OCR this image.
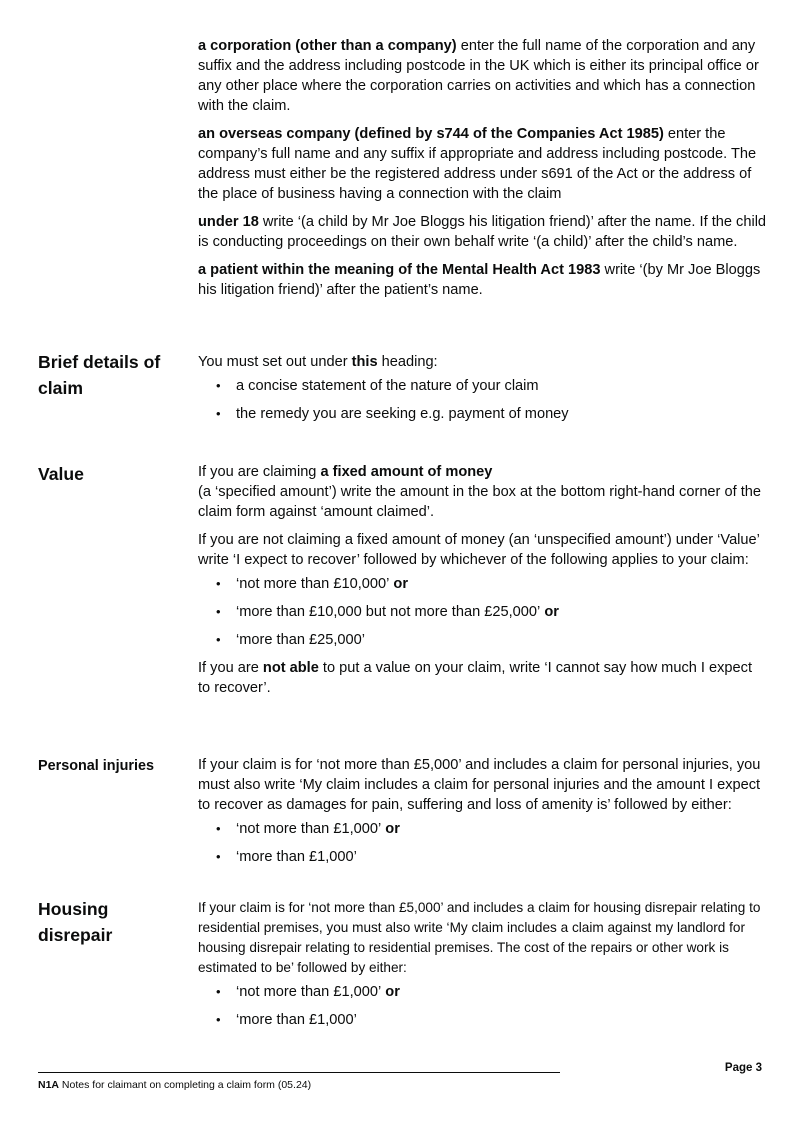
a corporation (other than a company) enter the full name of the corporation and any suffix and the address including postcode in the UK which is either its principal office or any other place where the corporation carries on activities and which has a connection with the claim.

an overseas company (defined by s744 of the Companies Act 1985) enter the company’s full name and any suffix if appropriate and address including postcode. The address must either be the registered address under s691 of the Act or the address of the place of business having a connection with the claim

under 18 write ‘(a child by Mr Joe Bloggs his litigation friend)’ after the name. If the child is conducting proceedings on their own behalf write ‘(a child)’ after the child’s name.

a patient within the meaning of the Mental Health Act 1983 write ‘(by Mr Joe Bloggs his litigation friend)’ after the patient’s name.

Brief details of claim

You must set out under this heading:

• a concise statement of the nature of your claim
• the remedy you are seeking e.g. payment of money
Value	If you are claiming a fixed amount of money
(a ‘specified amount’) write the amount in the box at the bottom right-hand corner of the claim form against ‘amount claimed’.

If you are not claiming a fixed amount of money (an ‘unspecified amount’) under ‘Value’ write ‘I expect to recover’ followed by whichever of the following applies to your claim:

• ‘not more than £10,000’ or
• ‘more than £10,000 but not more than £25,000’ or
• ‘more than £25,000’

If you are not able to put a value on your claim, write ‘I cannot say how much I expect to recover’.

Personal injuries	If your claim is for ‘not more than £5,000’ and includes a claim for personal injuries, you must also write ‘My claim includes a claim for personal injuries and the amount I expect to recover as damages for pain, suffering and loss of amenity is’ followed by either:

• ‘not more than £1,000’ or
• ‘more than £1,000’
Housing disrepair

If your claim is for ‘not more than £5,000’ and includes a claim for housing disrepair relating to residential premises, you must also write ‘My claim includes a claim against my landlord for housing disrepair relating to residential premises. The cost of the repairs or other work is estimated to be’ followed by either:

• ‘not more than £1,000’ or
• ‘more than £1,000’
Page 3
N1A Notes for claimant on completing a claim form (05.24)
